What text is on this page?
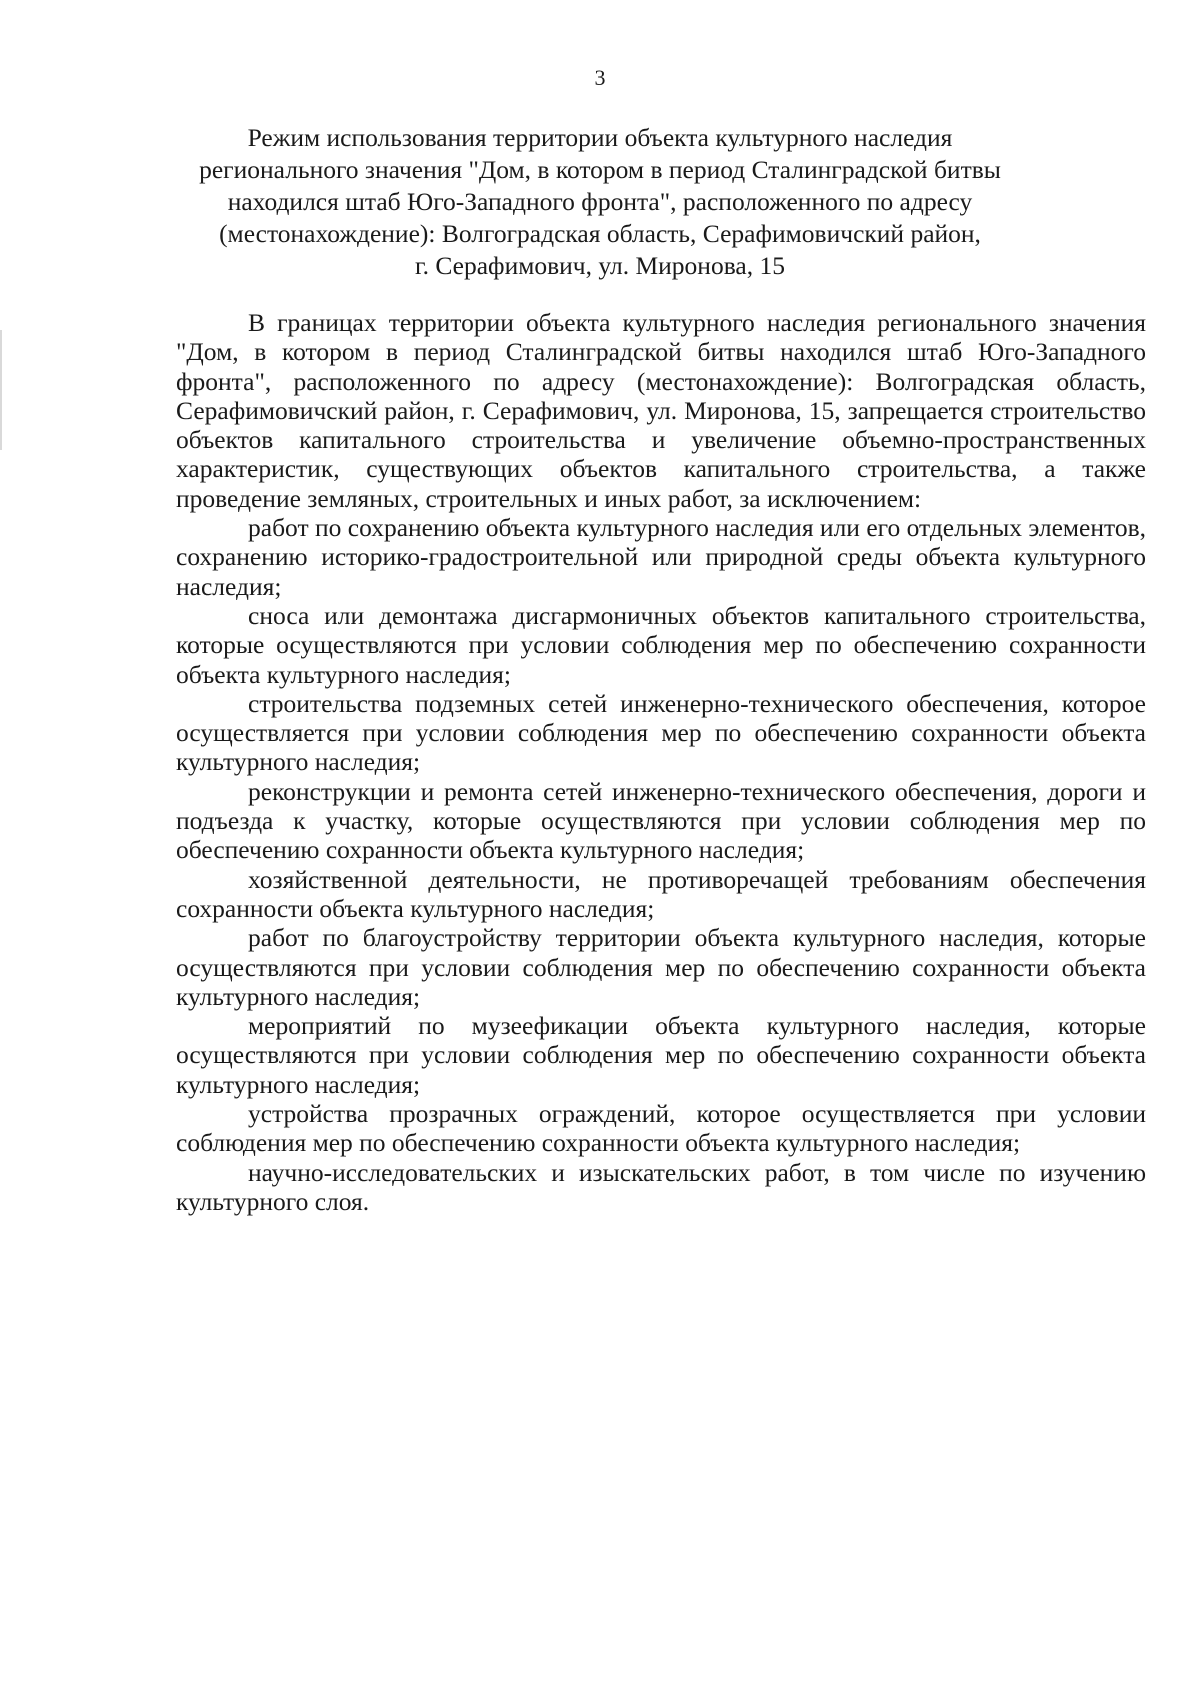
3
Режим использования территории объекта культурного наследия
регионального значения "Дом, в котором в период Сталинградской битвы
находился штаб Юго-Западного фронта", расположенного по адресу
(местонахождение): Волгоградская область, Серафимовичский район,
г. Серафимович, ул. Миронова, 15

В границах территории объекта культурного наследия регионального значения "Дом, в котором в период Сталинградской битвы находился штаб Юго-Западного фронта", расположенного по адресу (местонахождение): Волгоградская область, Серафимовичский район, г. Серафимович, ул. Миронова, 15, запрещается строительство объектов капитального строительства и увеличение объемно-пространственных характеристик, существующих объектов капитального строительства, а также проведение земляных, строительных и иных работ, за исключением:

работ по сохранению объекта культурного наследия или его отдельных элементов, сохранению историко-градостроительной или природной среды объекта культурного наследия;

сноса или демонтажа дисгармоничных объектов капитального строительства, которые осуществляются при условии соблюдения мер по обеспечению сохранности объекта культурного наследия;

строительства подземных сетей инженерно-технического обеспечения, которое осуществляется при условии соблюдения мер по обеспечению сохранности объекта культурного наследия;

реконструкции и ремонта сетей инженерно-технического обеспечения, дороги и подъезда к участку, которые осуществляются при условии соблюдения мер по обеспечению сохранности объекта культурного наследия;

хозяйственной деятельности, не противоречащей требованиям обеспечения сохранности объекта культурного наследия;

работ по благоустройству территории объекта культурного наследия, которые осуществляются при условии соблюдения мер по обеспечению сохранности объекта культурного наследия;

мероприятий по музеефикации объекта культурного наследия, которые осуществляются при условии соблюдения мер по обеспечению сохранности объекта культурного наследия;

устройства прозрачных ограждений, которое осуществляется при условии соблюдения мер по обеспечению сохранности объекта культурного наследия;

научно-исследовательских и изыскательских работ, в том числе по изучению культурного слоя.
